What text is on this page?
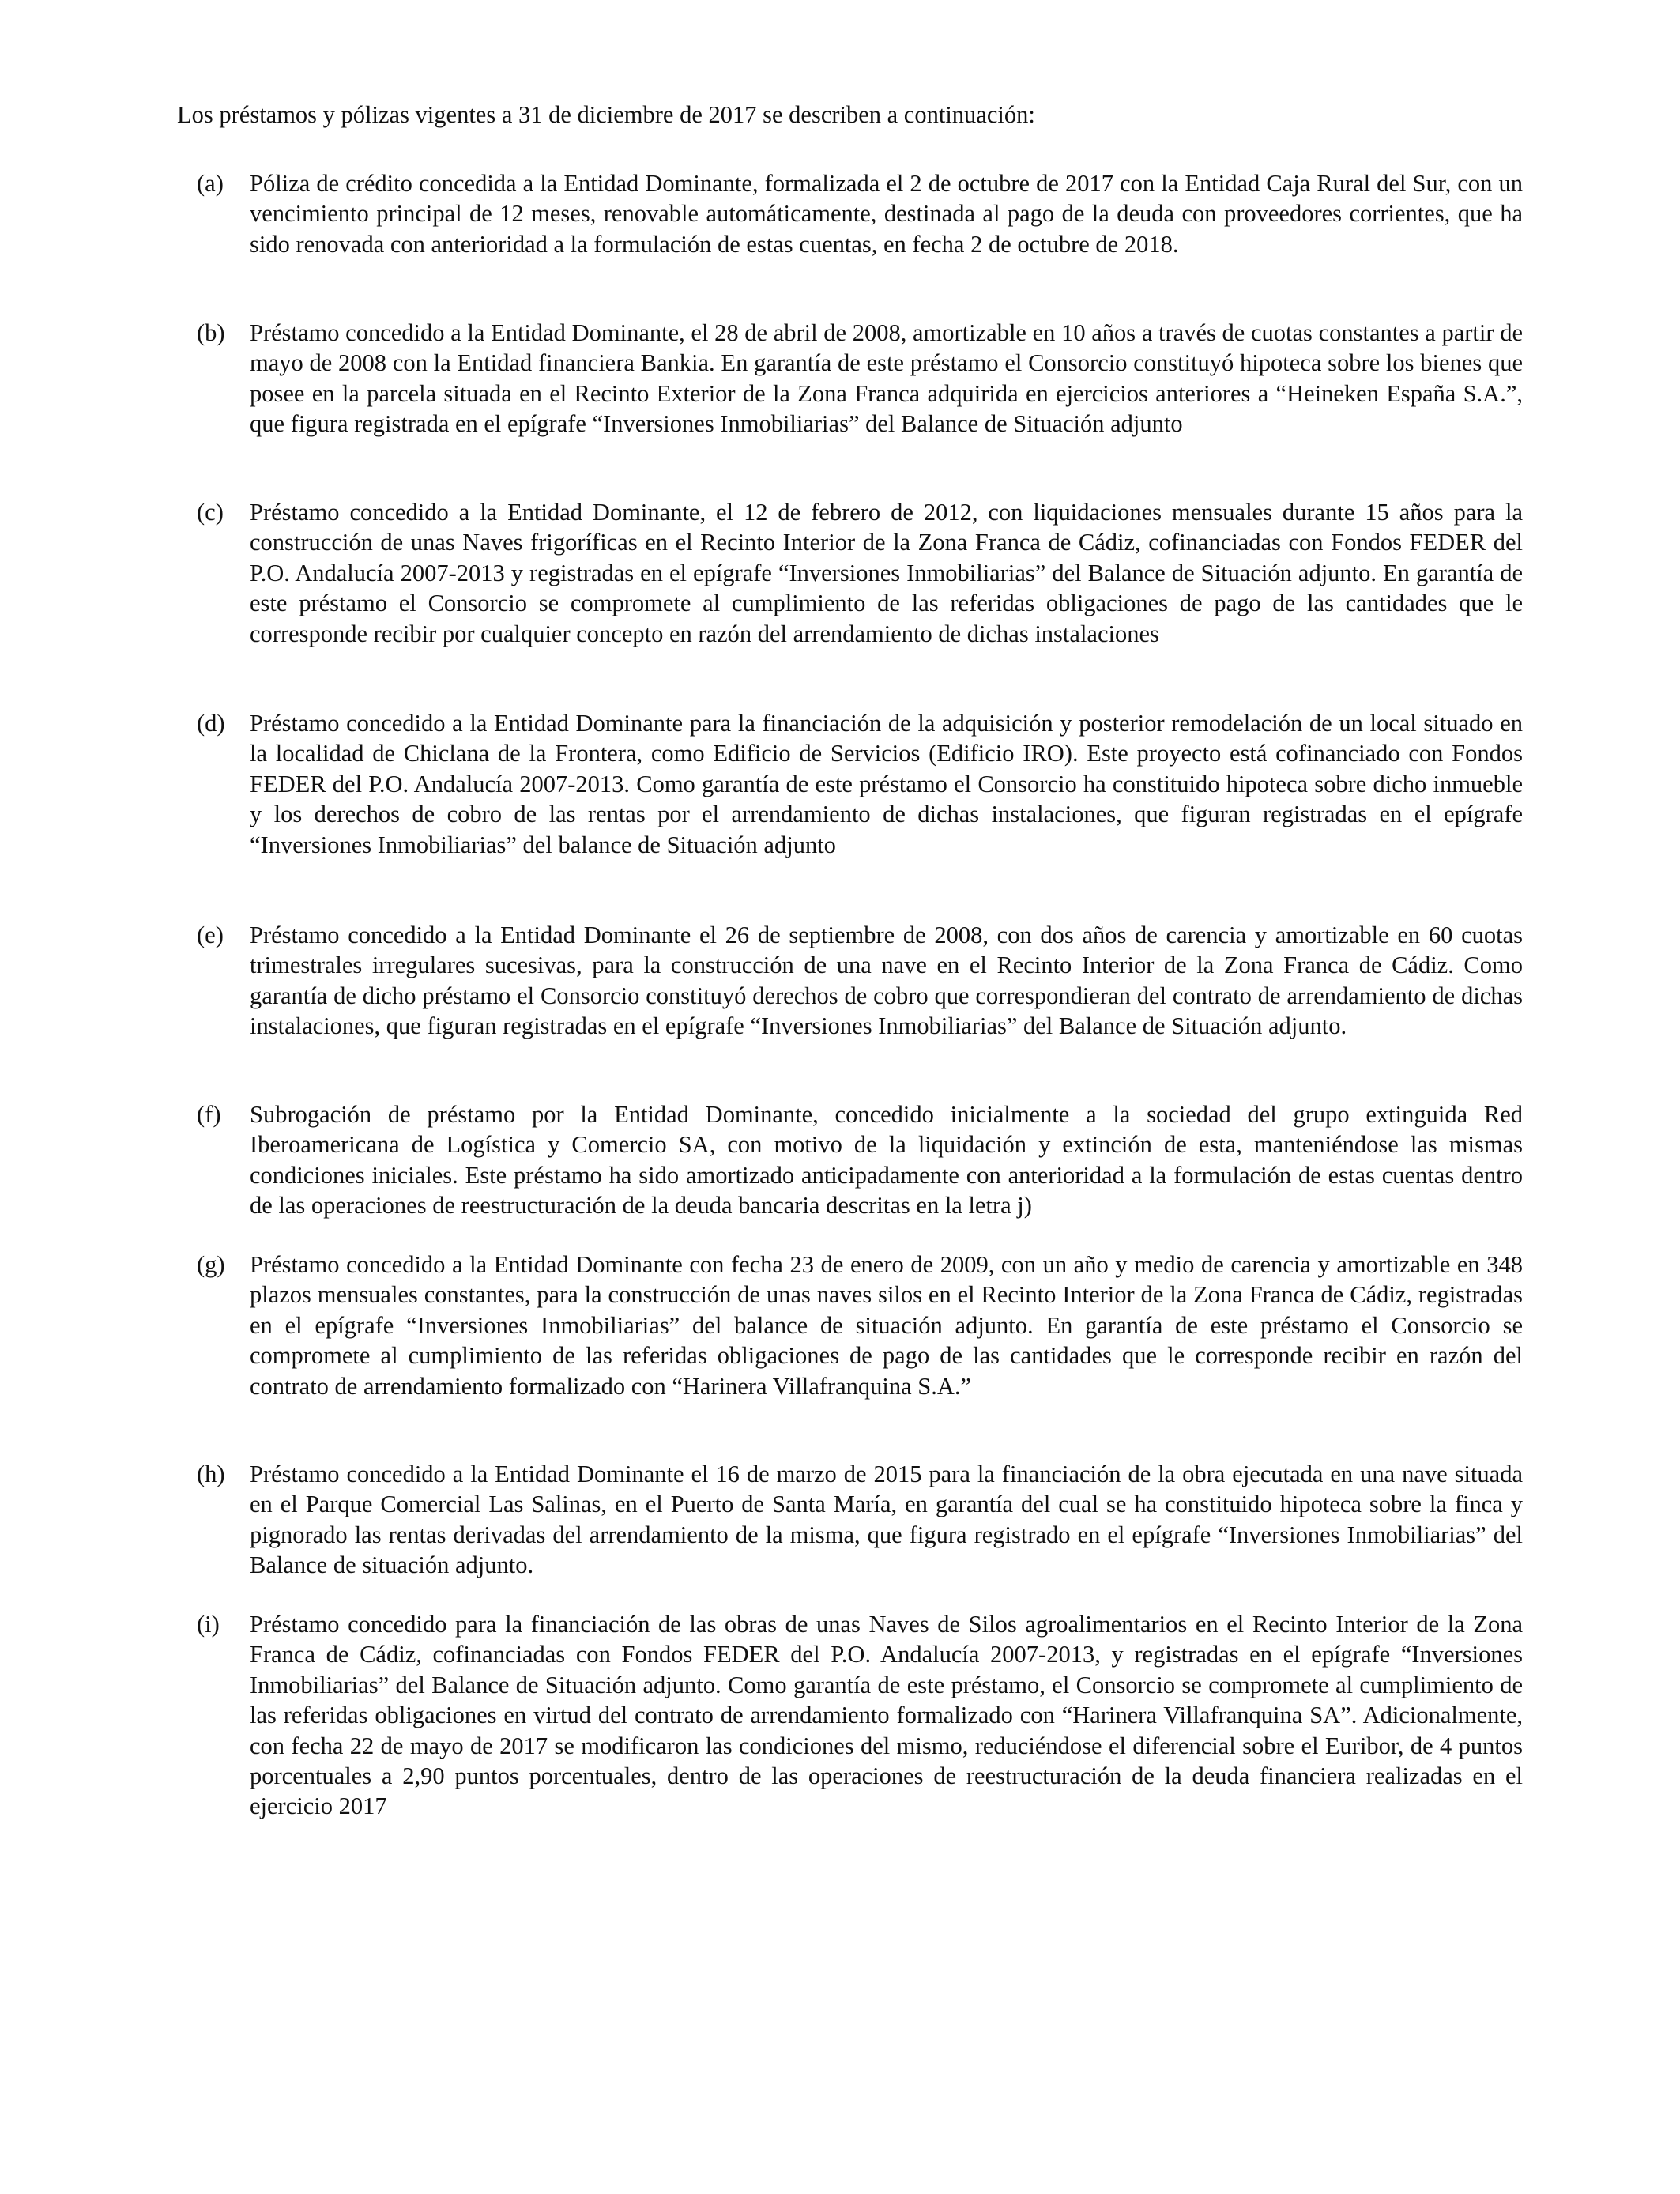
Los préstamos y pólizas vigentes a 31 de diciembre de 2017 se describen a continuación:

(a)	Póliza de crédito concedida a la Entidad Dominante, formalizada el 2 de octubre de 2017 con la Entidad Caja Rural del Sur, con un vencimiento principal de 12 meses, renovable automáticamente, destinada al pago de la deuda con proveedores corrientes, que ha sido renovada con anterioridad a la formulación de estas cuentas, en fecha 2 de octubre de 2018.

(b)	Préstamo concedido a la Entidad Dominante, el 28 de abril de 2008, amortizable en 10 años a través de cuotas constantes a partir de mayo de 2008 con la Entidad financiera Bankia. En garantía de este préstamo el Consorcio constituyó hipoteca sobre los bienes que posee en la parcela situada en el Recinto Exterior de la Zona Franca adquirida en ejercicios anteriores a “Heineken España S.A.”, que figura registrada en el epígrafe “Inversiones Inmobiliarias” del Balance de Situación adjunto

(c)	Préstamo concedido a la Entidad Dominante, el 12 de febrero de 2012, con liquidaciones mensuales durante 15 años para la construcción de unas Naves frigoríficas en el Recinto Interior de la Zona Franca de Cádiz, cofinanciadas con Fondos FEDER del P.O. Andalucía 2007-2013 y registradas en el epígrafe “Inversiones Inmobiliarias” del Balance de Situación adjunto. En garantía de este préstamo el Consorcio se compromete al cumplimiento de las referidas obligaciones de pago de las cantidades que le corresponde recibir por cualquier concepto en razón del arrendamiento de dichas instalaciones

(d)	Préstamo concedido a la Entidad Dominante para la financiación de la adquisición y posterior remodelación de un local situado en la localidad de Chiclana de la Frontera, como Edificio de Servicios (Edificio IRO). Este proyecto está cofinanciado con Fondos FEDER del P.O. Andalucía 2007-2013. Como garantía de este préstamo el Consorcio ha constituido hipoteca sobre dicho inmueble y los derechos de cobro de las rentas por el arrendamiento de dichas instalaciones, que figuran registradas en el epígrafe “Inversiones Inmobiliarias” del balance de Situación adjunto

(e)	Préstamo concedido a la Entidad Dominante el 26 de septiembre de 2008, con dos años de carencia y amortizable en 60 cuotas trimestrales irregulares sucesivas, para la construcción de una nave en el Recinto Interior de la Zona Franca de Cádiz. Como garantía de dicho préstamo el Consorcio constituyó derechos de cobro que correspondieran del contrato de arrendamiento de dichas instalaciones, que figuran registradas en el epígrafe “Inversiones Inmobiliarias” del Balance de Situación adjunto.

(f)	Subrogación de préstamo por la Entidad Dominante, concedido inicialmente a la sociedad del grupo extinguida Red Iberoamericana de Logística y Comercio SA, con motivo de la liquidación y extinción de esta, manteniéndose las mismas condiciones iniciales. Este préstamo ha sido amortizado anticipadamente con anterioridad a la formulación de estas cuentas dentro de las operaciones de reestructuración de la deuda bancaria descritas en la letra j)

(g)	Préstamo concedido a la Entidad Dominante con fecha 23 de enero de 2009, con un año y medio de carencia y amortizable en 348 plazos mensuales constantes, para la construcción de unas naves silos en el Recinto Interior de la Zona Franca de Cádiz, registradas en el epígrafe “Inversiones Inmobiliarias” del balance de situación adjunto. En garantía de este préstamo el Consorcio se compromete al cumplimiento de las referidas obligaciones de pago de las cantidades que le corresponde recibir en razón del contrato de arrendamiento formalizado con “Harinera Villafranquina S.A.”

(h)	Préstamo concedido a la Entidad Dominante el 16 de marzo de 2015 para la financiación de la obra ejecutada en una nave situada en el Parque Comercial Las Salinas, en el Puerto de Santa María, en garantía del cual se ha constituido hipoteca sobre la finca y pignorado las rentas derivadas del arrendamiento de la misma, que figura registrado en el epígrafe “Inversiones Inmobiliarias” del Balance de situación adjunto.

(i)	Préstamo concedido para la financiación de las obras de unas Naves de Silos agroalimentarios en el Recinto Interior de la Zona Franca de Cádiz, cofinanciadas con Fondos FEDER del P.O. Andalucía 2007-2013, y registradas en el epígrafe “Inversiones Inmobiliarias” del Balance de Situación adjunto. Como garantía de este préstamo, el Consorcio se compromete al cumplimiento de las referidas obligaciones en virtud del contrato de arrendamiento formalizado con “Harinera Villafranquina SA”. Adicionalmente, con fecha 22 de mayo de 2017 se modificaron las condiciones del mismo, reduciéndose el diferencial sobre el Euribor, de 4 puntos porcentuales a 2,90 puntos porcentuales, dentro de las operaciones de reestructuración de la deuda financiera realizadas en el ejercicio 2017
